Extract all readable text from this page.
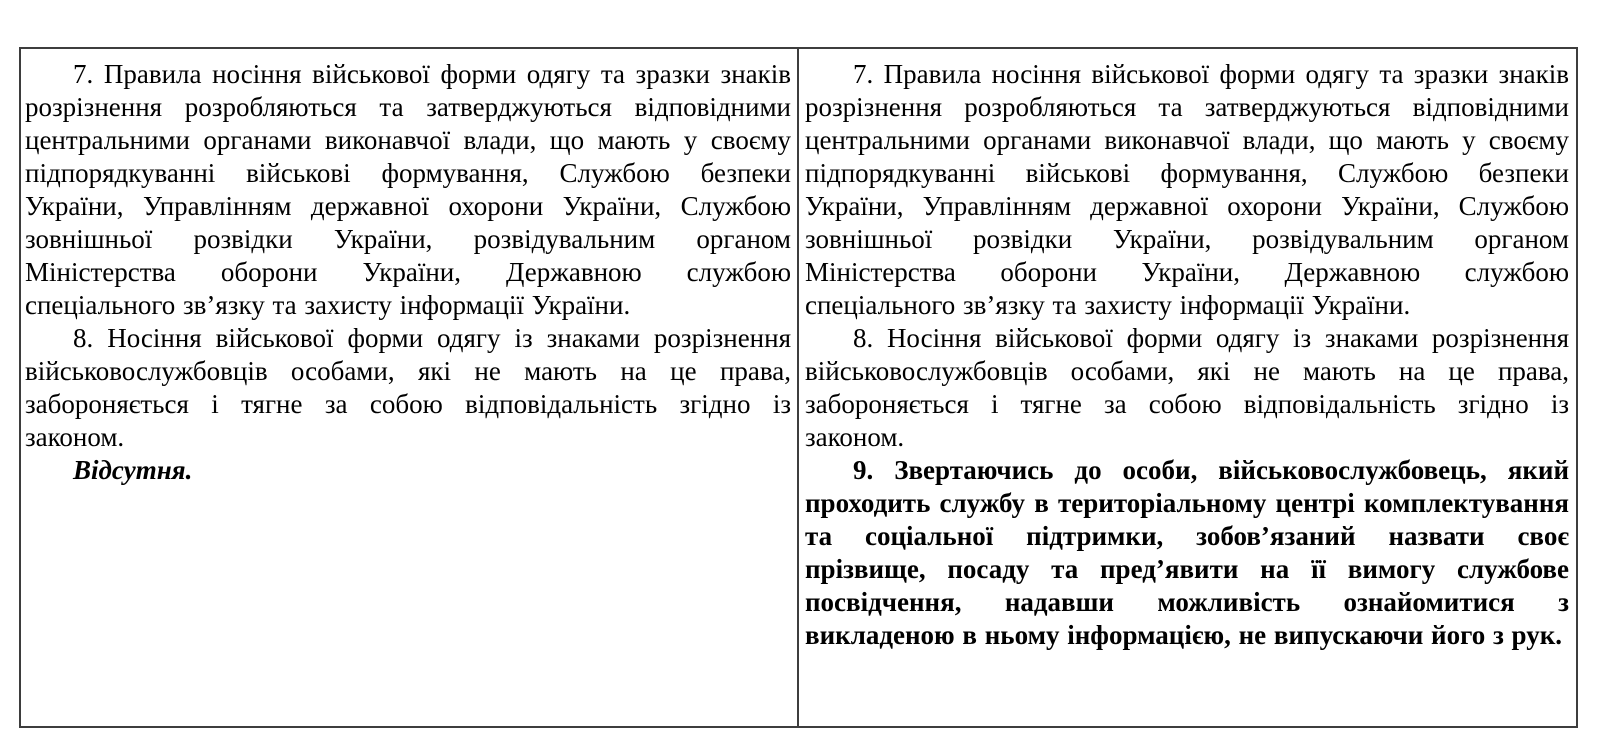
7. Правила носіння військової форми одягу та зразки знаків розрізнення розробляються та затверджуються відповідними центральними органами виконавчої влади, що мають у своєму підпорядкуванні військові формування, Службою безпеки України, Управлінням державної охорони України, Службою зовнішньої розвідки України, розвідувальним органом Міністерства оборони України, Державною службою спеціального зв’язку та захисту інформації України.

8. Носіння військової форми одягу із знаками розрізнення військовослужбовців особами, які не мають на це права, забороняється і тягне за собою відповідальність згідно із законом.

Відсутня.

7. Правила носіння військової форми одягу та зразки знаків розрізнення розробляються та затверджуються відповідними центральними органами виконавчої влади, що мають у своєму підпорядкуванні військові формування, Службою безпеки України, Управлінням державної охорони України, Службою зовнішньої розвідки України, розвідувальним органом Міністерства оборони України, Державною службою спеціального зв’язку та захисту інформації України.

8. Носіння військової форми одягу із знаками розрізнення військовослужбовців особами, які не мають на це права, забороняється і тягне за собою відповідальність згідно із законом.

9. Звертаючись до особи, військовослужбовець, який проходить службу в територіальному центрі комплектування та соціальної підтримки, зобов’язаний назвати своє прізвище, посаду та пред’явити на її вимогу службове посвідчення, надавши можливість ознайомитися з викладеною в ньому інформацією, не випускаючи його з рук.
